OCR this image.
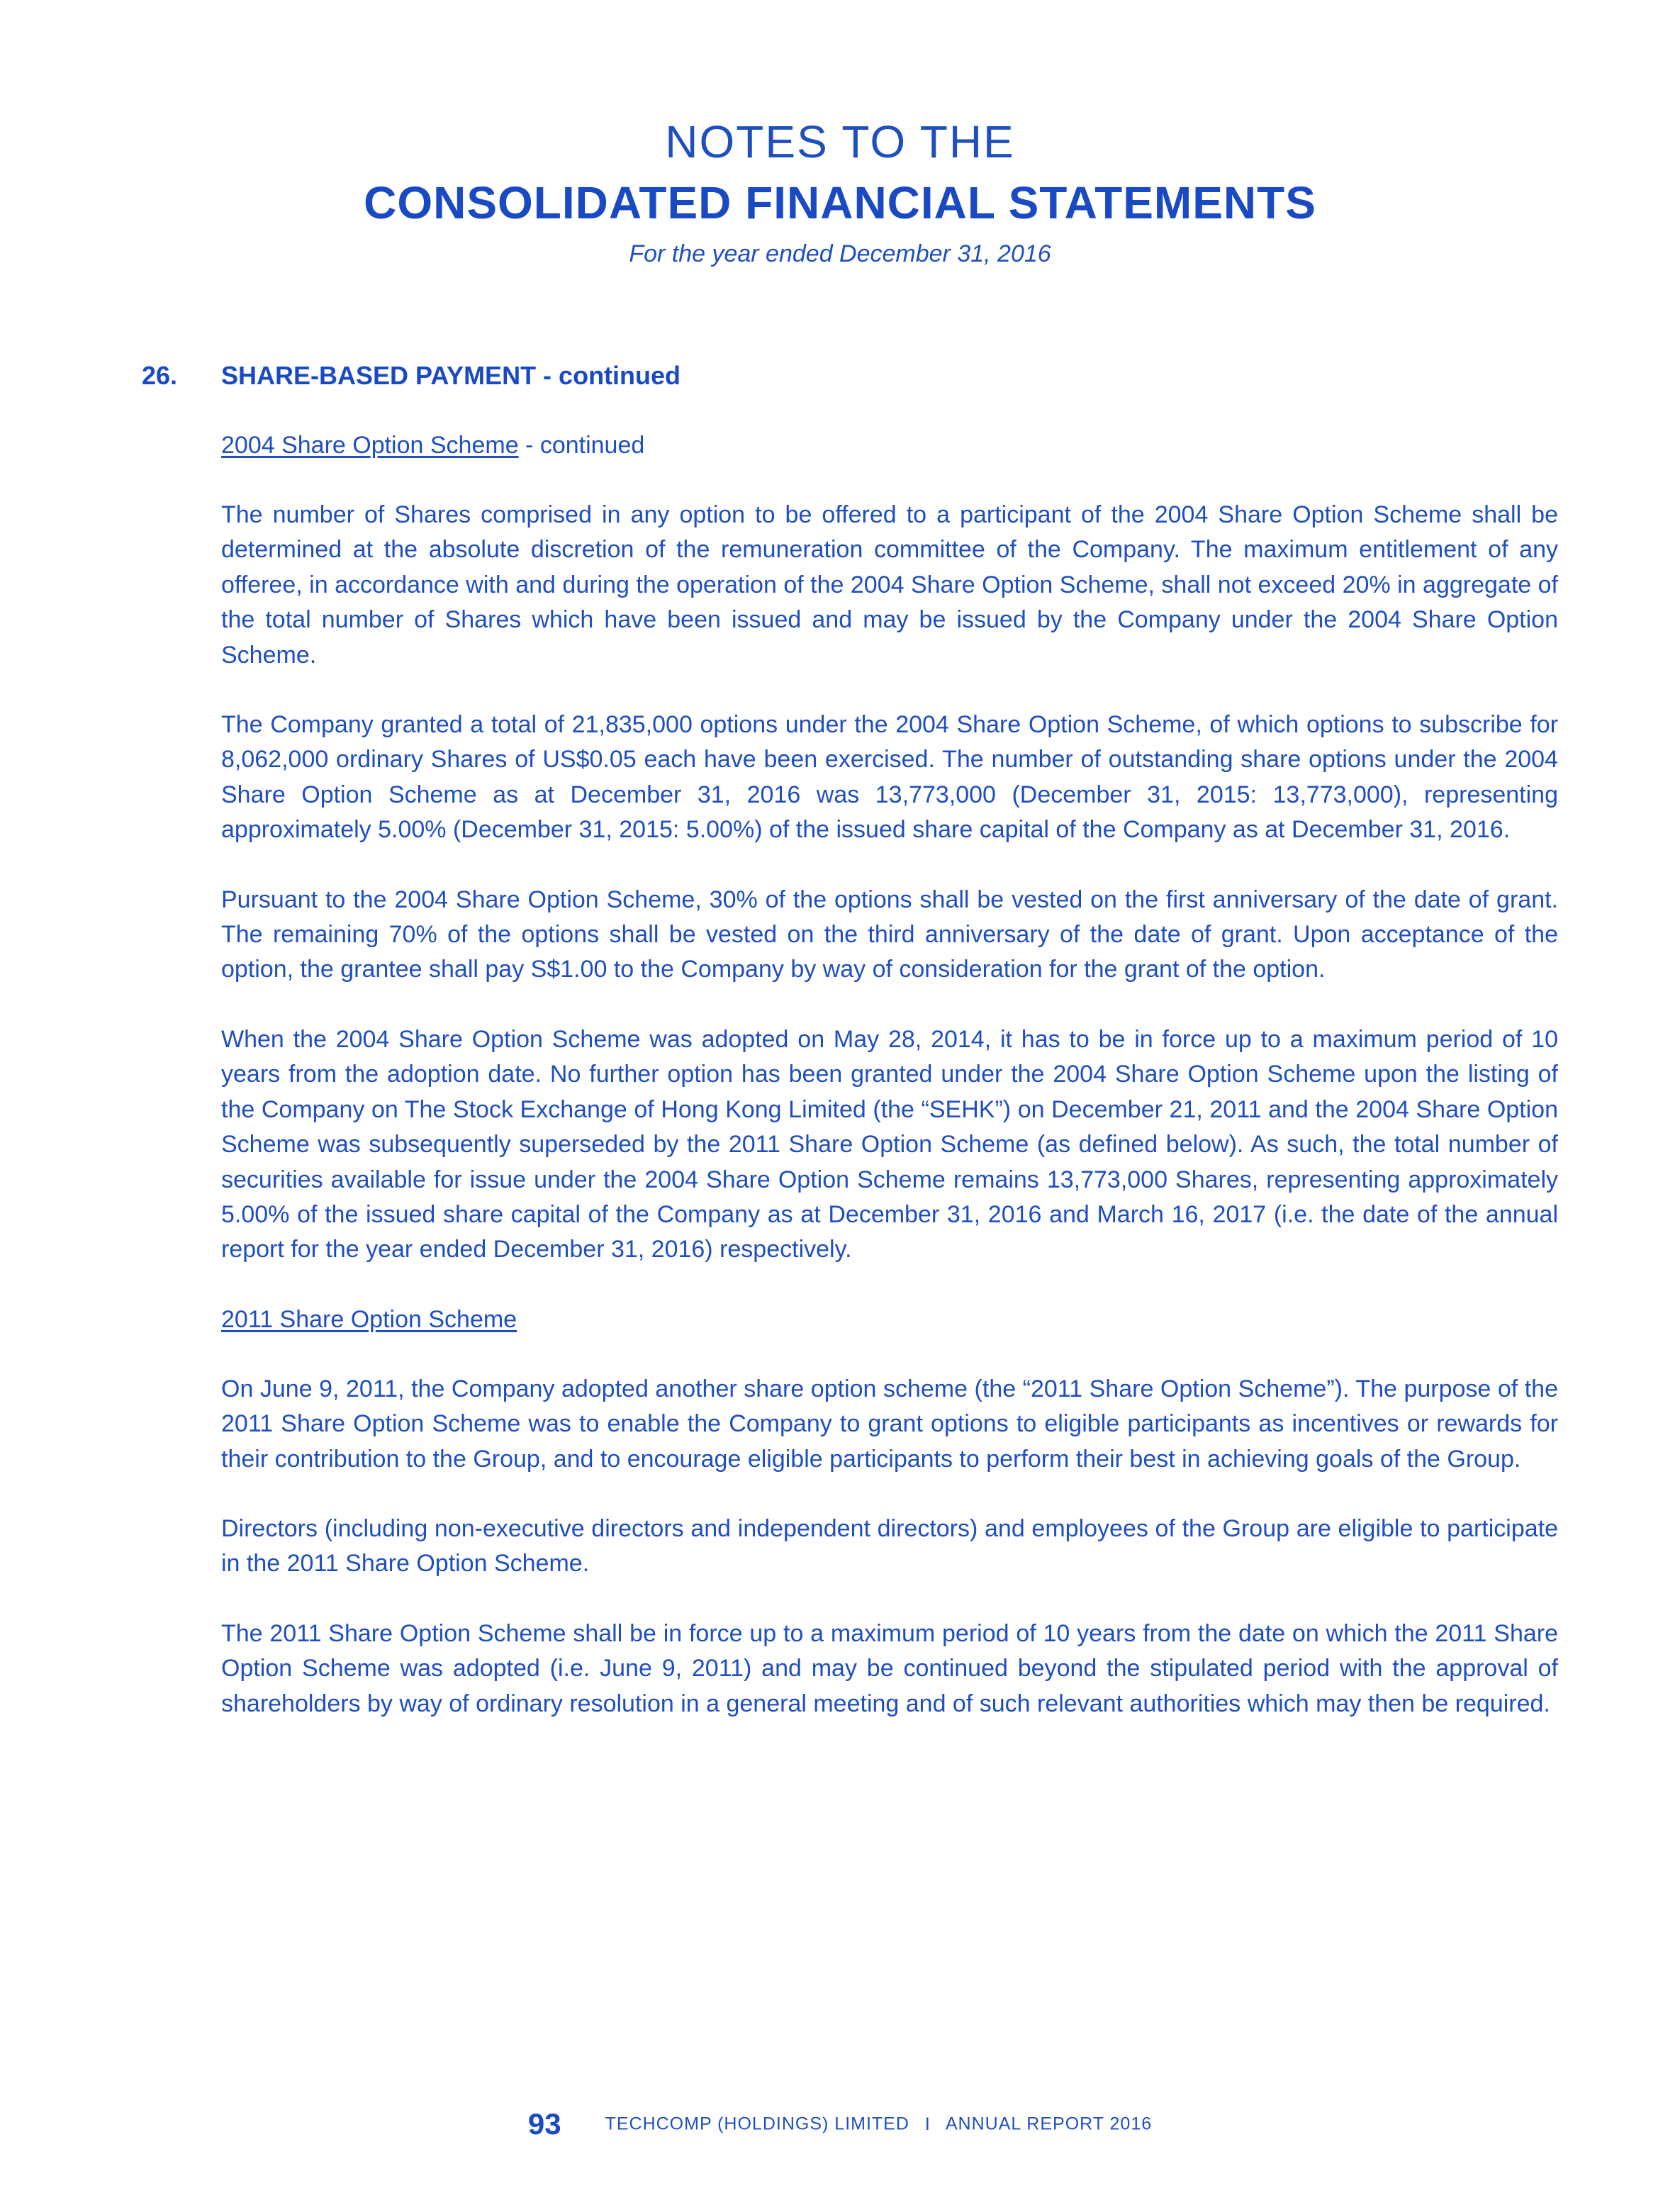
NOTES TO THE
CONSOLIDATED FINANCIAL STATEMENTS
For the year ended December 31, 2016
26. SHARE-BASED PAYMENT - continued
2004 Share Option Scheme - continued

The number of Shares comprised in any option to be offered to a participant of the 2004 Share Option Scheme shall be determined at the absolute discretion of the remuneration committee of the Company. The maximum entitlement of any offeree, in accordance with and during the operation of the 2004 Share Option Scheme, shall not exceed 20% in aggregate of the total number of Shares which have been issued and may be issued by the Company under the 2004 Share Option Scheme.

The Company granted a total of 21,835,000 options under the 2004 Share Option Scheme, of which options to subscribe for 8,062,000 ordinary Shares of US$0.05 each have been exercised. The number of outstanding share options under the 2004 Share Option Scheme as at December 31, 2016 was 13,773,000 (December 31, 2015: 13,773,000), representing approximately 5.00% (December 31, 2015: 5.00%) of the issued share capital of the Company as at December 31, 2016.

Pursuant to the 2004 Share Option Scheme, 30% of the options shall be vested on the first anniversary of the date of grant. The remaining 70% of the options shall be vested on the third anniversary of the date of grant. Upon acceptance of the option, the grantee shall pay S$1.00 to the Company by way of consideration for the grant of the option.

When the 2004 Share Option Scheme was adopted on May 28, 2014, it has to be in force up to a maximum period of 10 years from the adoption date. No further option has been granted under the 2004 Share Option Scheme upon the listing of the Company on The Stock Exchange of Hong Kong Limited (the “SEHK”) on December 21, 2011 and the 2004 Share Option Scheme was subsequently superseded by the 2011 Share Option Scheme (as defined below). As such, the total number of securities available for issue under the 2004 Share Option Scheme remains 13,773,000 Shares, representing approximately 5.00% of the issued share capital of the Company as at December 31, 2016 and March 16, 2017 (i.e. the date of the annual report for the year ended December 31, 2016) respectively.

2011 Share Option Scheme

On June 9, 2011, the Company adopted another share option scheme (the “2011 Share Option Scheme”). The purpose of the 2011 Share Option Scheme was to enable the Company to grant options to eligible participants as incentives or rewards for their contribution to the Group, and to encourage eligible participants to perform their best in achieving goals of the Group.

Directors (including non-executive directors and independent directors) and employees of the Group are eligible to participate in the 2011 Share Option Scheme.

The 2011 Share Option Scheme shall be in force up to a maximum period of 10 years from the date on which the 2011 Share Option Scheme was adopted (i.e. June 9, 2011) and may be continued beyond the stipulated period with the approval of shareholders by way of ordinary resolution in a general meeting and of such relevant authorities which may then be required.

93 TECHCOMP (HOLDINGS) LIMITED I ANNUAL REPORT 2016
